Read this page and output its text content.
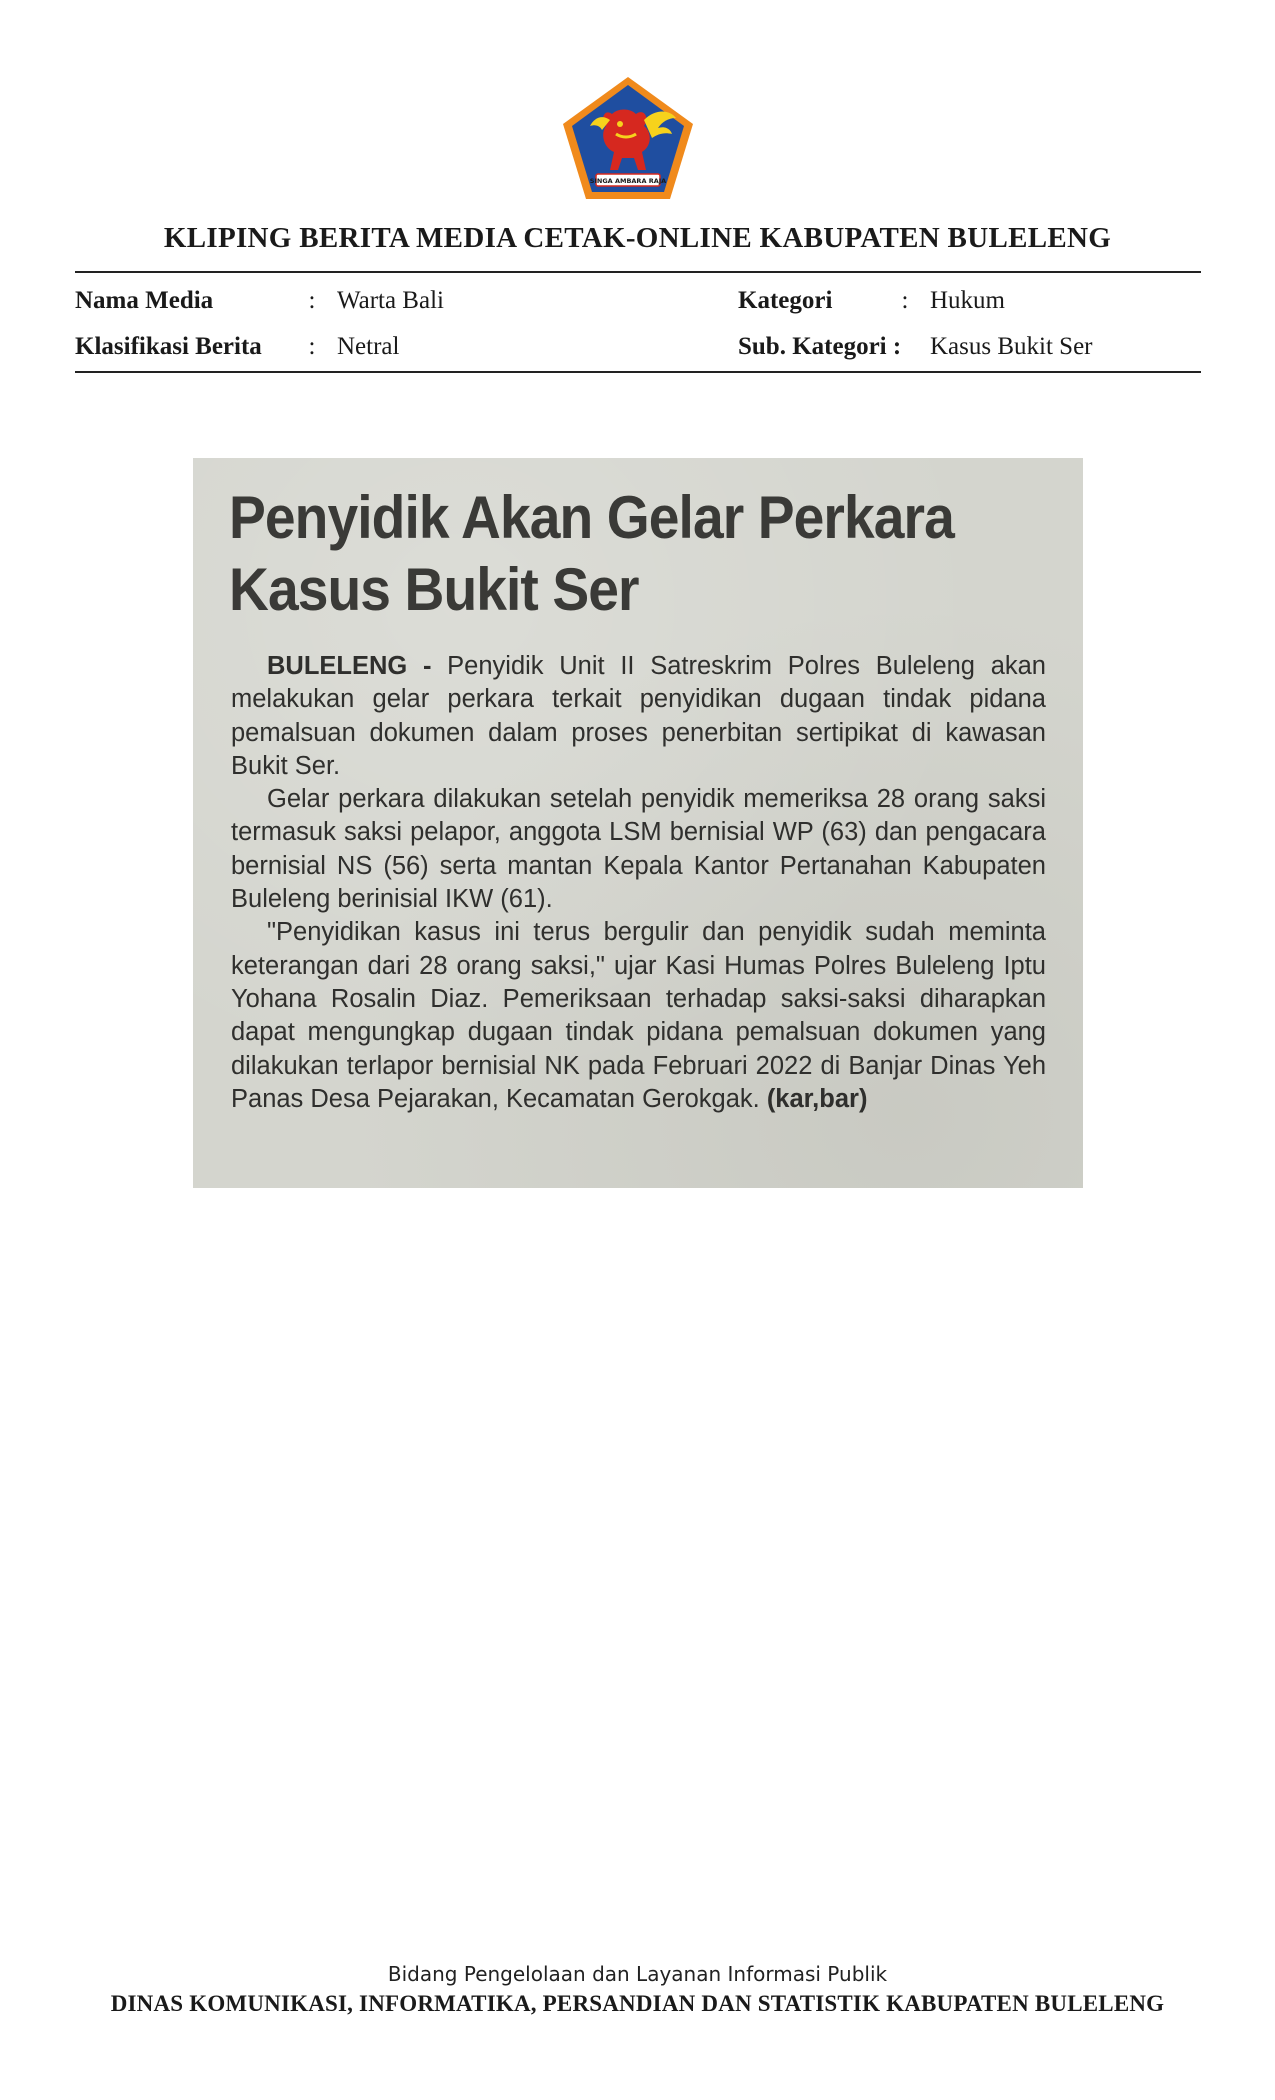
SINGA AMBARA RAJA
KLIPING BERITA MEDIA CETAK-ONLINE KABUPATEN BULELENG
Nama Media	: Warta Bali
Klasifikasi Berita	: Netral
Kategori	: Hukum
Sub. Kategori :	Kasus Bukit Ser
Penyidik Akan Gelar Perkara
Kasus Bukit Ser

BULELENG - Penyidik Unit II Satreskrim Polres Buleleng akan melakukan gelar perkara terkait penyidikan dugaan tindak pidana pemalsuan dokumen dalam proses penerbitan sertipikat di kawasan Bukit Ser.

Gelar perkara dilakukan setelah penyidik memeriksa 28 orang saksi termasuk saksi pelapor, anggota LSM bernisial WP (63) dan pengacara bernisial NS (56) serta mantan Kepala Kantor Pertanahan Kabupaten Buleleng berinisial IKW (61).

"Penyidikan kasus ini terus bergulir dan penyidik sudah meminta keterangan dari 28 orang saksi," ujar Kasi Humas Polres Buleleng Iptu Yohana Rosalin Diaz. Pemeriksaan terhadap saksi-saksi diharapkan dapat mengungkap dugaan tindak pidana pemalsuan dokumen yang dilakukan terlapor bernisial NK pada Februari 2022 di Banjar Dinas Yeh Panas Desa Pejarakan, Kecamatan Gerokgak. (kar,bar)

Bidang Pengelolaan dan Layanan Informasi Publik
DINAS KOMUNIKASI, INFORMATIKA, PERSANDIAN DAN STATISTIK KABUPATEN BULELENG
